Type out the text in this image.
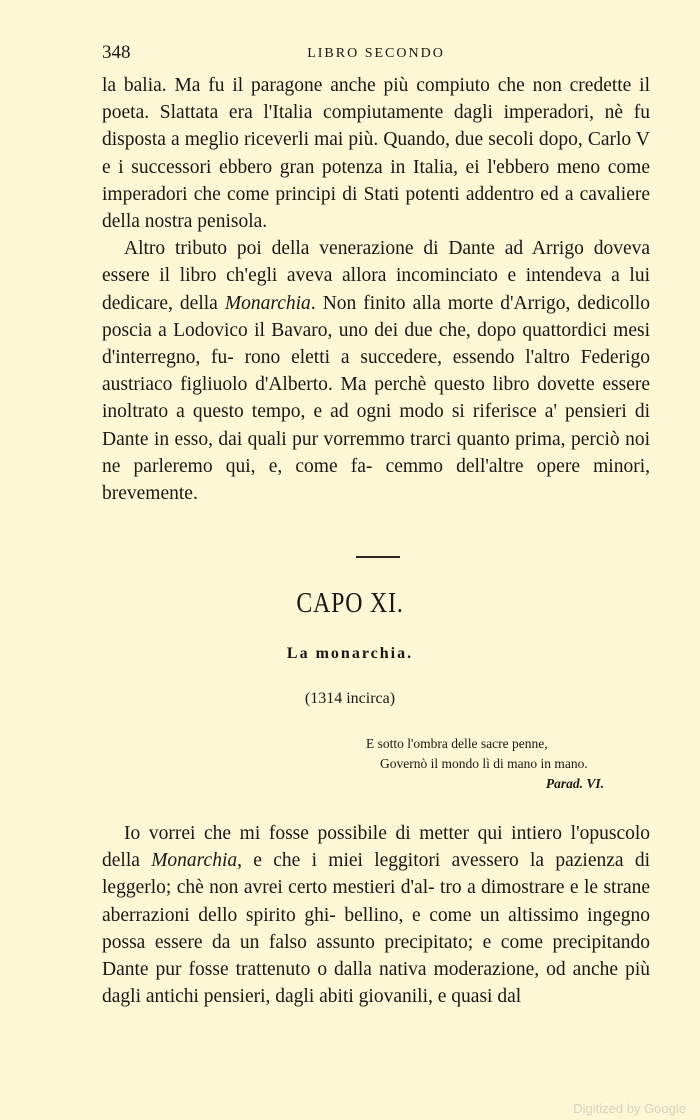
348	LIBRO SECONDO

la balia. Ma fu il paragone anche più compiuto che non credette il poeta. Slattata era l'Italia compiutamente dagli imperadori, nè fu disposta a meglio riceverli mai più. Quando, due secoli dopo, Carlo V e i successori ebbero gran potenza in Italia, ei l'ebbero meno come imperadori che come principi di Stati potenti addentro ed a cavaliere della nostra penisola.

Altro tributo poi della venerazione di Dante ad Arrigo doveva essere il libro ch'egli aveva allora incominciato e intendeva a lui dedicare, della Monarchia. Non finito alla morte d'Arrigo, dedicollo poscia a Lodovico il Bavaro, uno dei due che, dopo quattordici mesi d'interregno, fu- rono eletti a succedere, essendo l'altro Federigo austriaco figliuolo d'Alberto. Ma perchè questo libro dovette essere inoltrato a questo tempo, e ad ogni modo si riferisce a' pensieri di Dante in esso, dai quali pur vorremmo trarci quanto prima, perciò noi ne parleremo qui, e, come fa- cemmo dell'altre opere minori, brevemente.

CAPO XI.
La monarchia.
(1314 incirca)
E sotto l'ombra delle sacre penne,
Governò il mondo lì di mano in mano.
Parad. VI.

Io vorrei che mi fosse possibile di metter qui intiero l'opuscolo della Monarchia, e che i miei leggitori avessero la pazienza di leggerlo; chè non avrei certo mestieri d'al- tro a dimostrare e le strane aberrazioni dello spirito ghi- bellino, e come un altissimo ingegno possa essere da un falso assunto precipitato; e come precipitando Dante pur fosse trattenuto o dalla nativa moderazione, od anche più dagli antichi pensieri, dagli abiti giovanili, e quasi dal

Digitized by Google
